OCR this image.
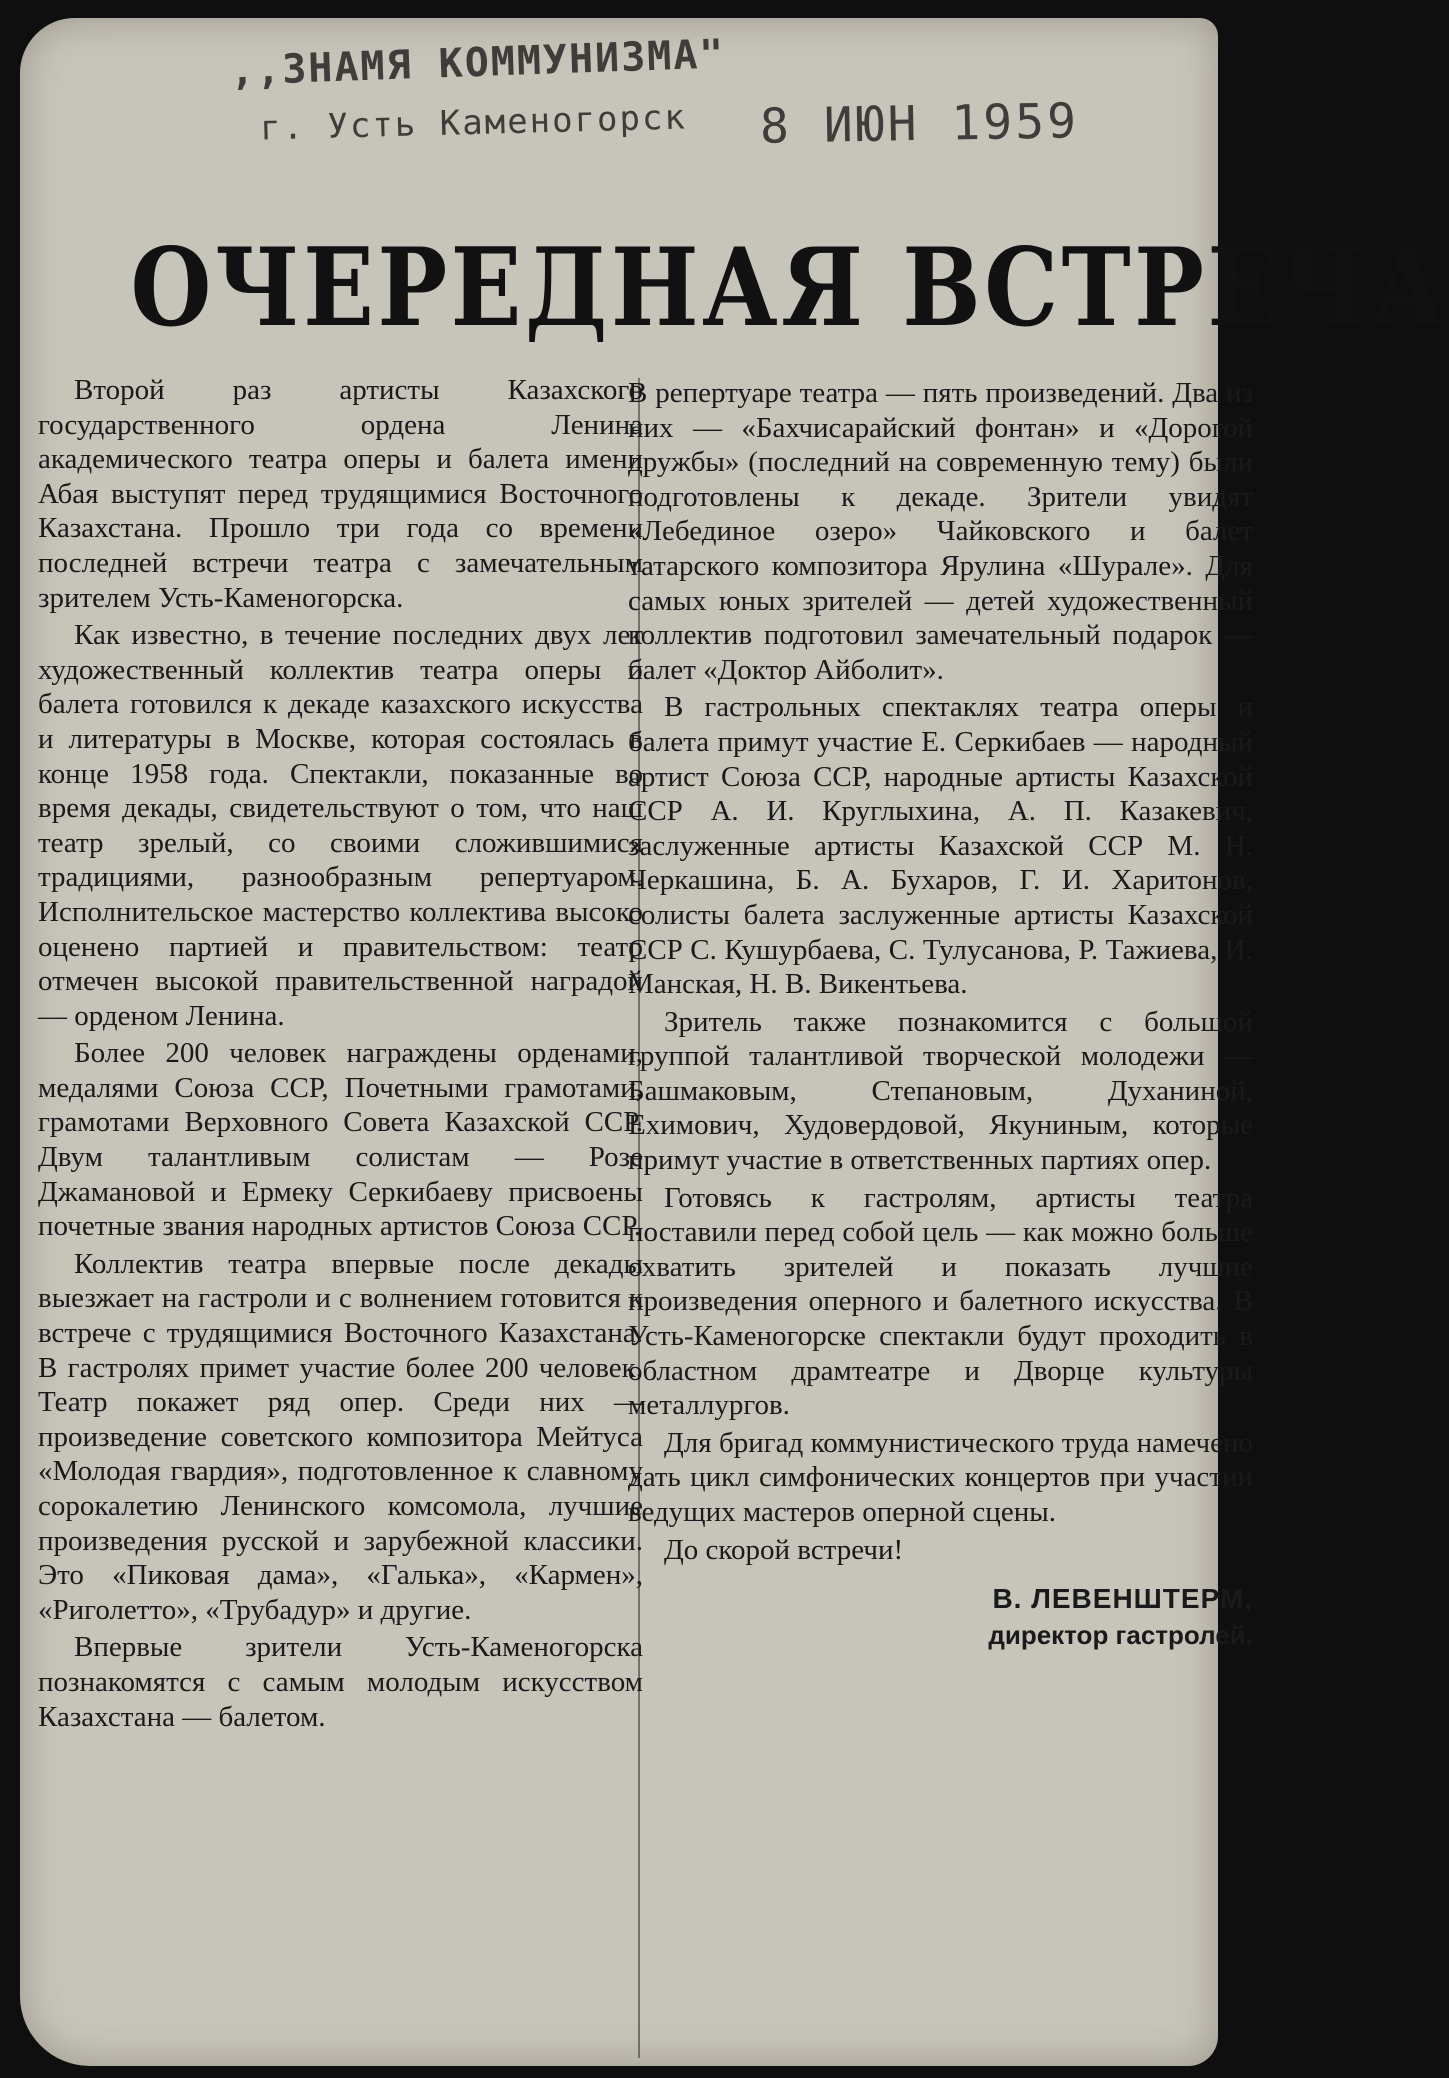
,,ЗНАМЯ КОММУНИЗМА"
г. Усть Каменогорск 8 ИЮН 1959
ОЧЕРЕДНАЯ ВСТРЕЧА

Второй раз артисты Казахского государственного ордена Ленина академического театра оперы и балета имени Абая выступят перед трудящимися Восточного Казахстана. Прошло три года со времени последней встречи театра с замечательным зрителем Усть-Каменогорска.

Как известно, в течение последних двух лет художественный коллектив театра оперы и балета готовился к декаде казахского искусства и литературы в Москве, которая состоялась в конце 1958 года. Спектакли, показанные во время декады, свидетельствуют о том, что наш театр зрелый, со своими сложившимися традициями, разнообразным репертуаром. Исполнительское мастерство коллектива высоко оценено партией и правительством: театр отмечен высокой правительственной наградой — орденом Ленина.

Более 200 человек награждены орденами, медалями Союза ССР, Почетными грамотами, грамотами Верховного Совета Казахской ССР. Двум талантливым солистам — Розе Джамановой и Ермеку Серкибаеву присвоены почетные звания народных артистов Союза ССР.

Коллектив театра впервые после декады выезжает на гастроли и с волнением готовится к встрече с трудящимися Восточного Казахстана. В гастролях примет участие более 200 человек. Театр покажет ряд опер. Среди них — произведение советского композитора Мейтуса «Молодая гвардия», подготовленное к славному сорокалетию Ленинского комсомола, лучшие произведения русской и зарубежной классики. Это «Пиковая дама», «Галька», «Кармен», «Риголетто», «Трубадур» и другие.

Впервые зрители Усть-Каменогорска познакомятся с самым молодым искусством Казахстана — балетом.

В репертуаре театра — пять произведений. Два из них — «Бахчисарайский фонтан» и «Дорогой дружбы» (последний на современную тему) были подготовлены к декаде. Зрители увидят «Лебединое озеро» Чайковского и балет татарского композитора Ярулина «Шурале». Для самых юных зрителей — детей художественный коллектив подготовил замечательный подарок — балет «Доктор Айболит».

В гастрольных спектаклях театра оперы и балета примут участие Е. Серкибаев — народный артист Союза ССР, народные артисты Казахской ССР А. И. Круглыхина, А. П. Казакевич, заслуженные артисты Казахской ССР М. Н. Черкашина, Б. А. Бухаров, Г. И. Харитонов, солисты балета заслуженные артисты Казахской ССР С. Кушурбаева, С. Тулусанова, Р. Тажиева, И. Манская, Н. В. Викентьева.

Зритель также познакомится с большой группой талантливой творческой молодежи — Башмаковым, Степановым, Духаниной, Ехимович, Худовердовой, Якуниным, которые примут участие в ответственных партиях опер.

Готовясь к гастролям, артисты театра поставили перед собой цель — как можно больше охватить зрителей и показать лучшие произведения оперного и балетного искусства. В Усть-Каменогорске спектакли будут проходить в областном драмтеатре и Дворце культуры металлургов.

Для бригад коммунистического труда намечено дать цикл симфонических концертов при участии ведущих мастеров оперной сцены.

До скорой встречи!

В. ЛЕВЕНШТЕРМ,
директор гастролей.
